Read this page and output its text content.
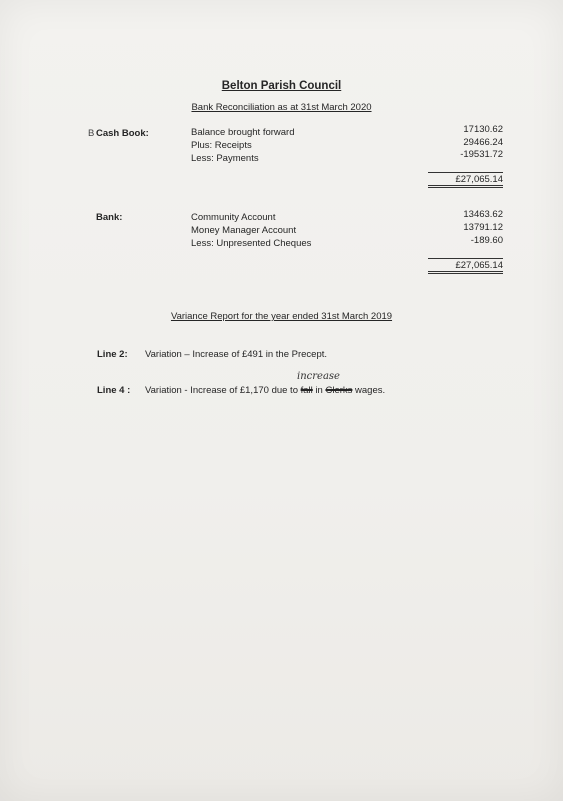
Belton Parish Council
Bank Reconciliation as at 31st March 2020
B Cash Book:	Balance brought forward	17130.62
Plus: Receipts	29466.24
Less: Payments	-19531.72
£27,065.14
Bank:	Community Account	13463.62
Money Manager Account	13791.12
Less: Unpresented Cheques	-189.60
£27,065.14
Variance Report for the year ended 31st March 2019
Line 2: Variation – Increase of £491 in the Precept.
increase
Line 4 : Variation - Increase of £1,170 due to fall in Clerks wages.
